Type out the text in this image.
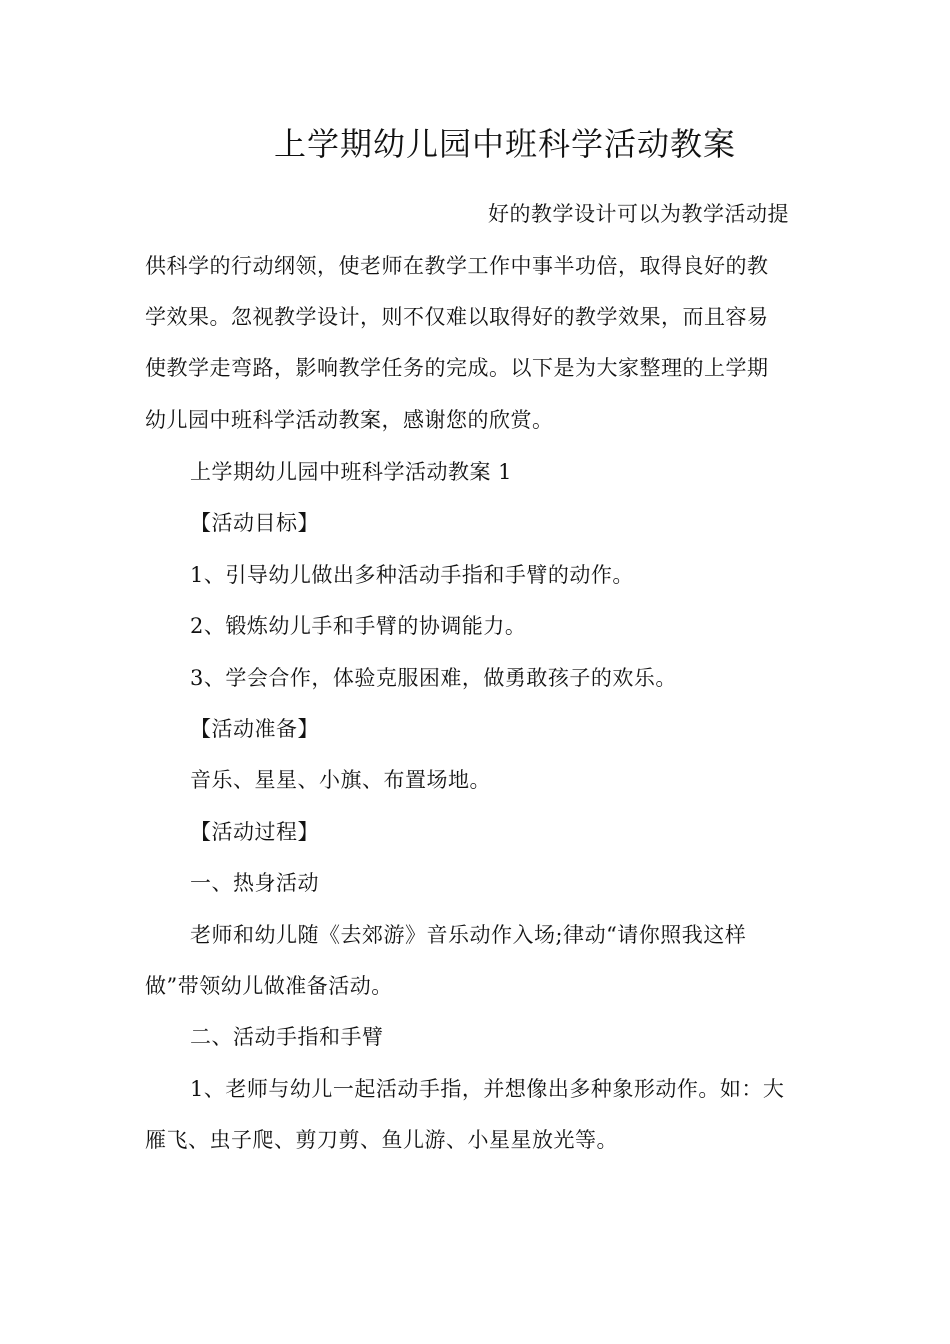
上学期幼儿园中班科学活动教案
好的教学设计可以为教学活动提
供科学的行动纲领，使老师在教学工作中事半功倍，取得良好的教
学效果。忽视教学设计，则不仅难以取得好的教学效果，而且容易
使教学走弯路，影响教学任务的完成。以下是为大家整理的上学期
幼儿园中班科学活动教案，感谢您的欣赏。
上学期幼儿园中班科学活动教案 1
【活动目标】
1、引导幼儿做出多种活动手指和手臂的动作。
2、锻炼幼儿手和手臂的协调能力。
3、学会合作，体验克服困难，做勇敢孩子的欢乐。
【活动准备】
音乐、星星、小旗、布置场地。
【活动过程】
一、热身活动
老师和幼儿随《去郊游》音乐动作入场;律动“请你照我这样
做”带领幼儿做准备活动。
二、活动手指和手臂
1、老师与幼儿一起活动手指，并想像出多种象形动作。如：大
雁飞、虫子爬、剪刀剪、鱼儿游、小星星放光等。
